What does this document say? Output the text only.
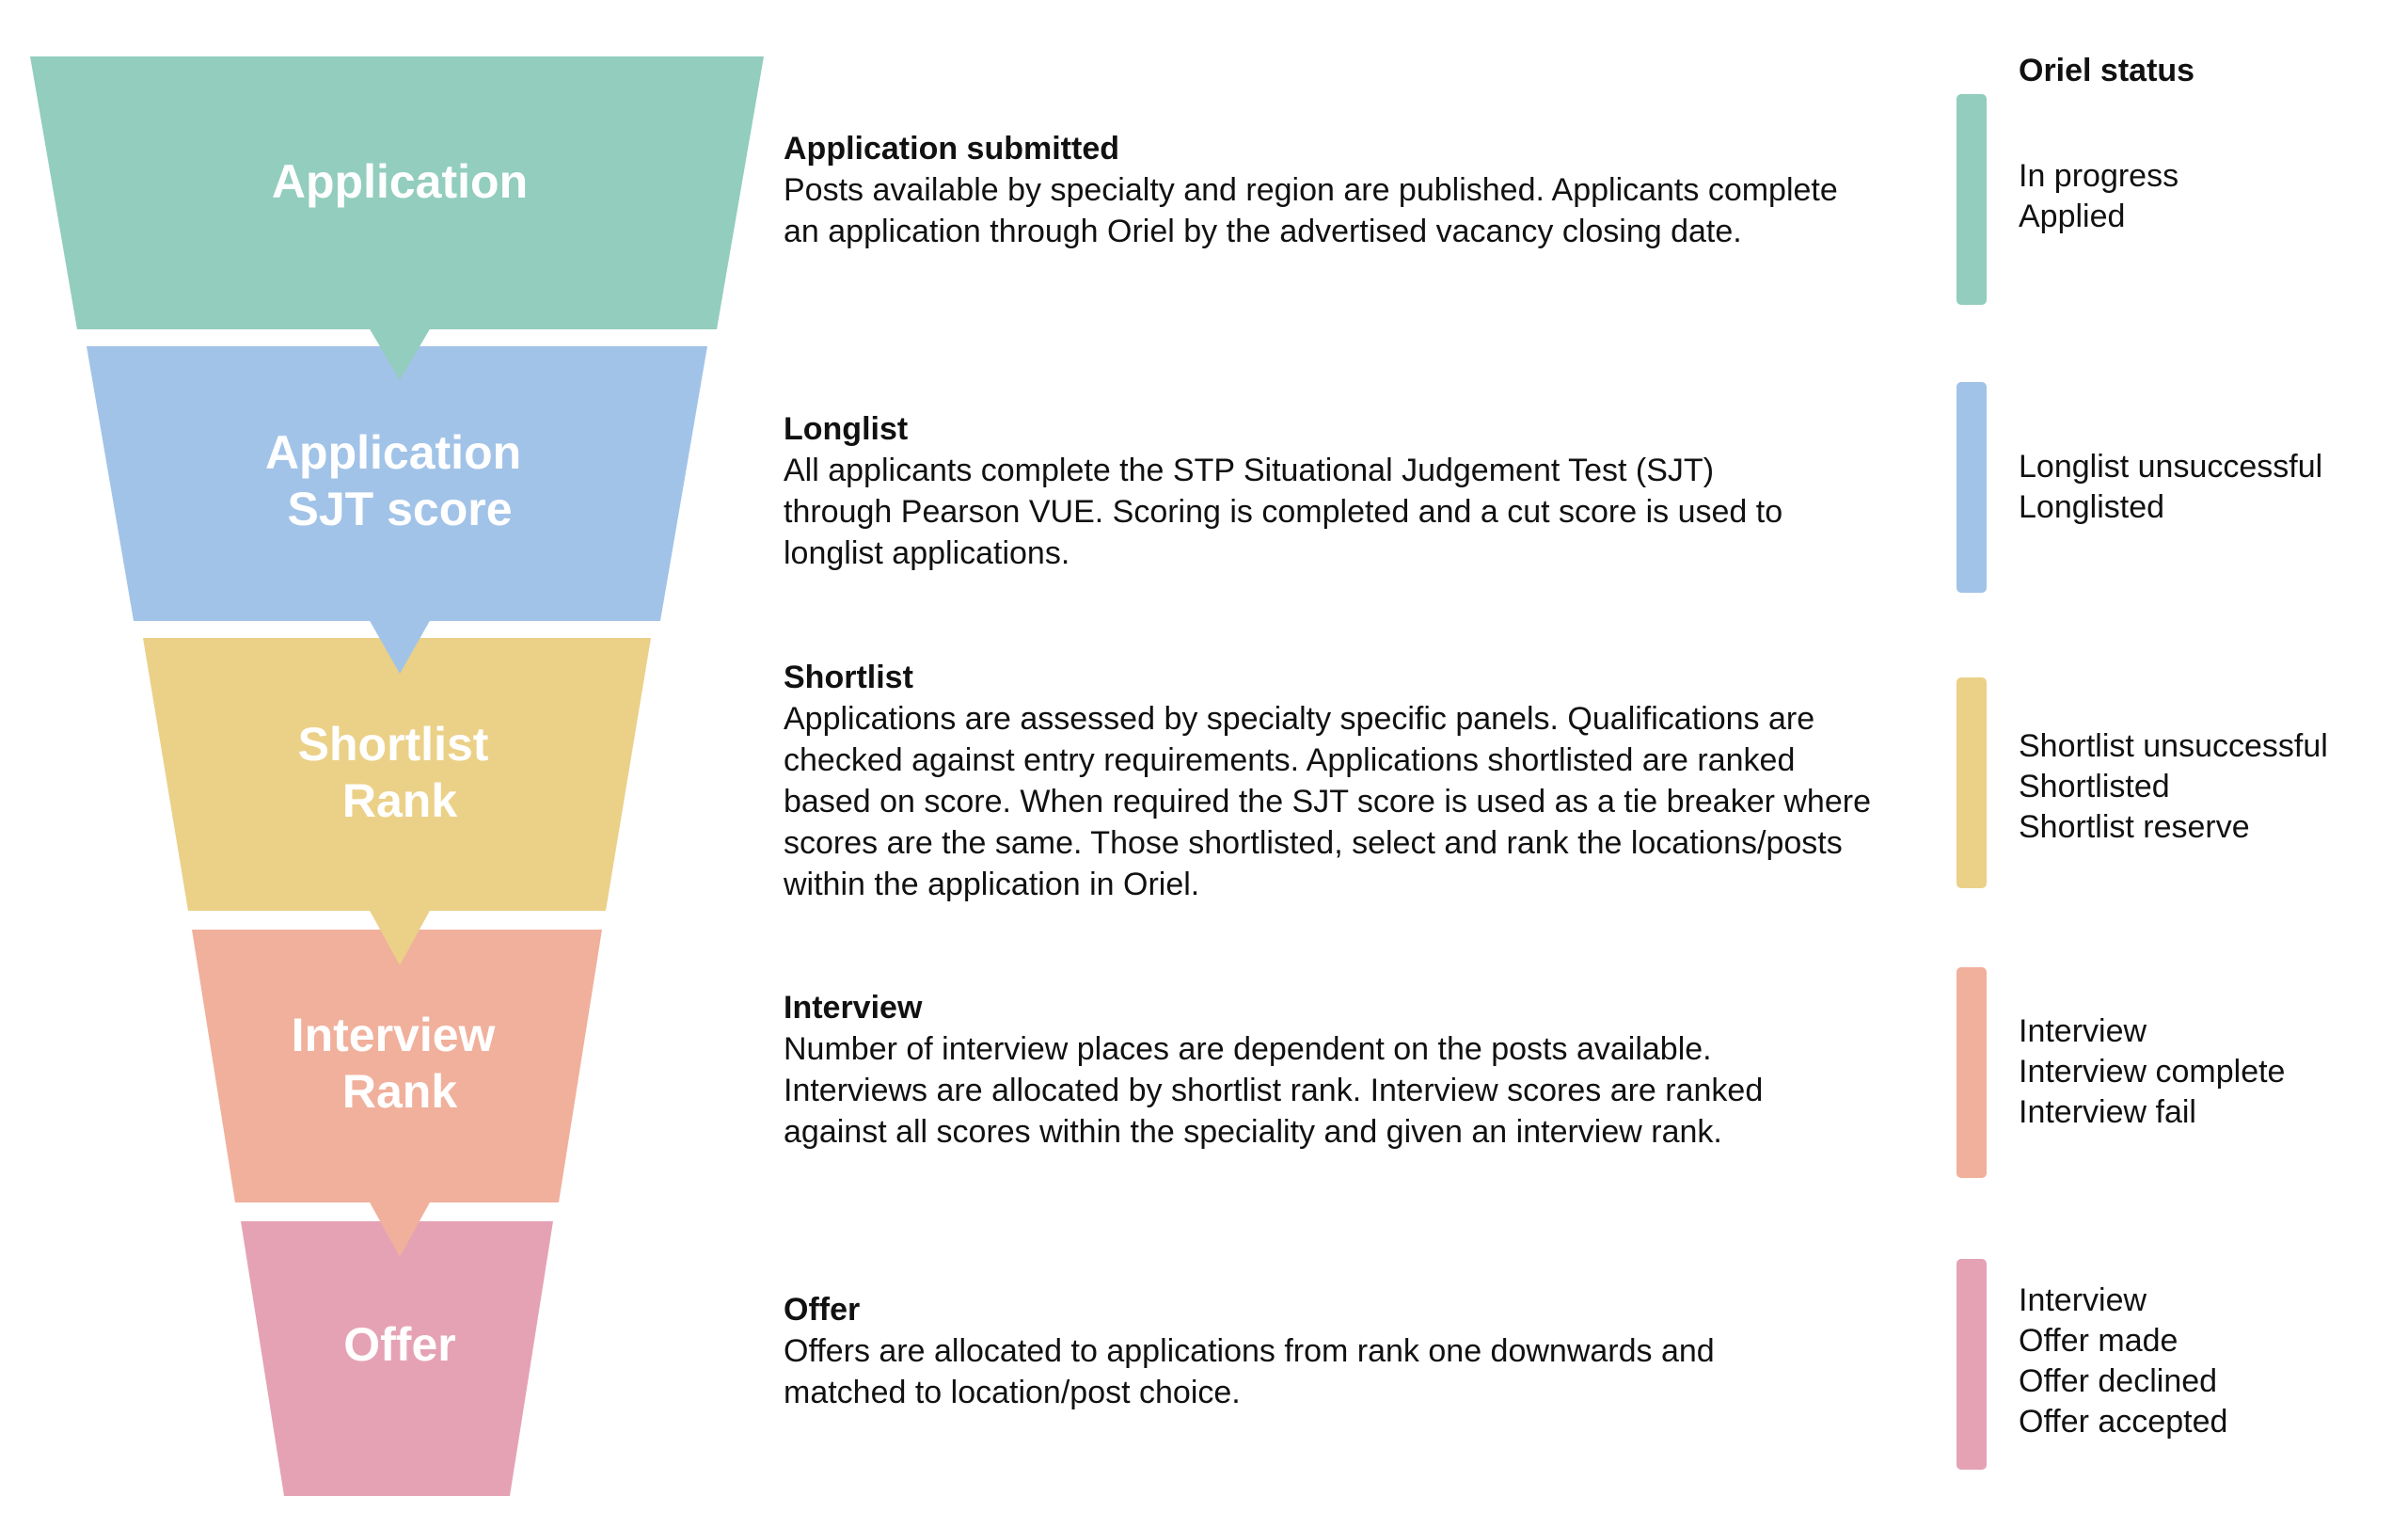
Application
Application SJT score
Shortlist Rank
Interview Rank
Offer
Application submitted

Posts available by specialty and region are published. Applicants complete

an application through Oriel by the advertised vacancy closing date.

Longlist

All applicants complete the STP Situational Judgement Test (SJT)

through Pearson VUE. Scoring is completed and a cut score is used to

longlist applications.

Shortlist

Applications are assessed by specialty specific panels. Qualifications are

checked against entry requirements. Applications shortlisted are ranked

based on score. When required the SJT score is used as a tie breaker where

scores are the same. Those shortlisted, select and rank the locations/posts

within the application in Oriel.

Interview

Number of interview places are dependent on the posts available.

Interviews are allocated by shortlist rank. Interview scores are ranked

against all scores within the speciality and given an interview rank.

Offer

Offers are allocated to applications from rank one downwards and

matched to location/post choice.

Oriel status
In progress
Applied
Longlist unsuccessful
Longlisted
Shortlist unsuccessful
Shortlisted
Shortlist reserve
Interview
Interview complete
Interview fail
Interview
Offer made
Offer declined
Offer accepted
